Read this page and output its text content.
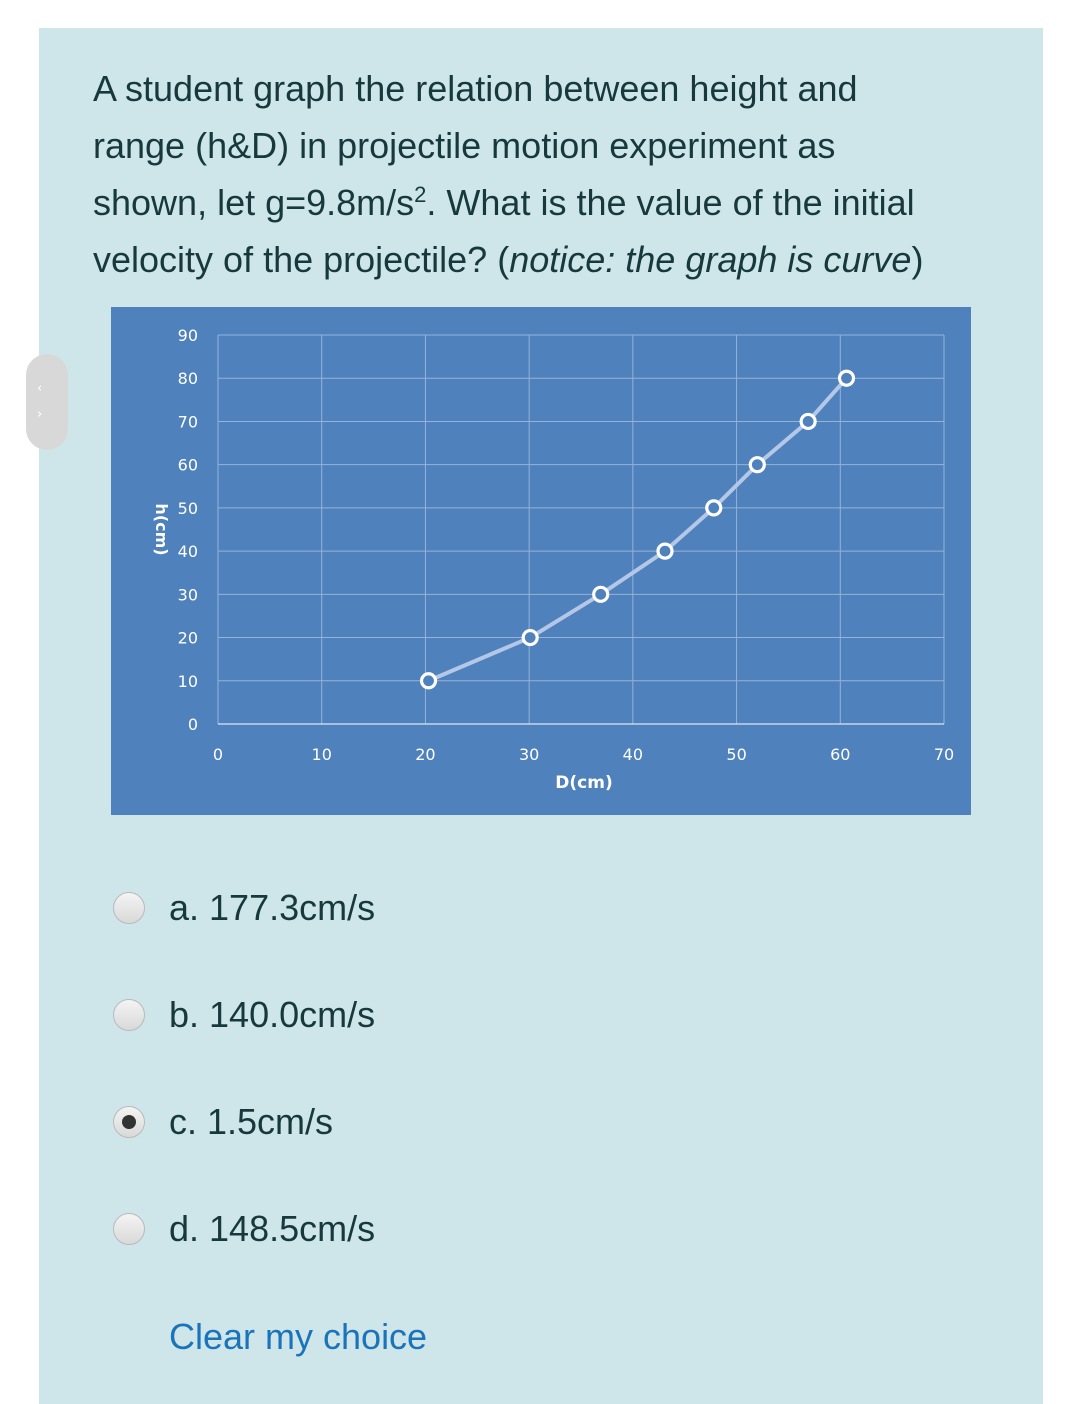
A student graph the relation between height and
range (h&D) in projectile motion experiment as
shown, let $g=9.8m/s^2$. What is the value of the initial
velocity of the projectile? (notice: the graph is curve)
0	10	20	30	40	50	60	70
0
10
20
30
40
50
60
70
80
90
D(cm)
h(cm)
a. 177.3cm/s
b. 140.0cm/s
c. 1.5cm/s
d. 148.5cm/s
Clear my choice
‹
›
